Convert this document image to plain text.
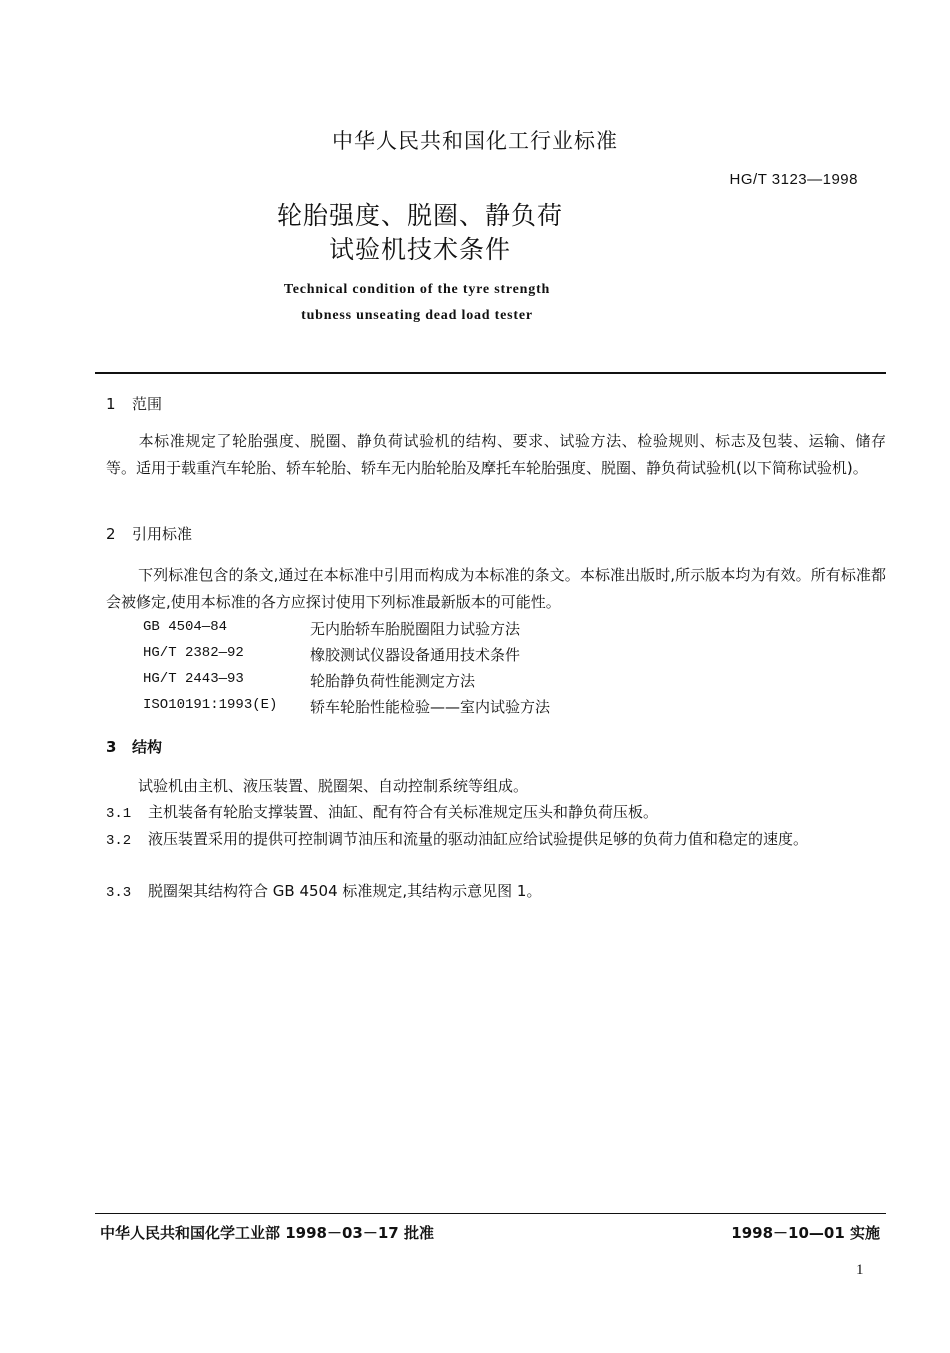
中华人民共和国化工行业标准
HG/T 3123—1998
轮胎强度、脱圈、静负荷
试验机技术条件
Technical condition of the tyre strength
tubness unseating dead load tester
1 范围
本标准规定了轮胎强度、脱圈、静负荷试验机的结构、要求、试验方法、检验规则、标志及包装、运输、储存等。适用于载重汽车轮胎、轿车轮胎、轿车无内胎轮胎及摩托车轮胎强度、脱圈、静负荷试验机(以下简称试验机)。
2 引用标准
下列标准包含的条文,通过在本标准中引用而构成为本标准的条文。本标准出版时,所示版本均为有效。所有标准都会被修定,使用本标准的各方应探讨使用下列标准最新版本的可能性。
GB 4504—84	无内胎轿车胎脱圈阻力试验方法
HG/T 2382—92	橡胶测试仪器设备通用技术条件
HG/T 2443—93	轮胎静负荷性能测定方法
ISO10191:1993(E) 轿车轮胎性能检验——室内试验方法
3 结构
试验机由主机、液压装置、脱圈架、自动控制系统等组成。
3.1 主机装备有轮胎支撑装置、油缸、配有符合有关标准规定压头和静负荷压板。
3.2 液压装置采用的提供可控制调节油压和流量的驱动油缸应给试验提供足够的负荷力值和稳定的速度。
3.3 脱圈架其结构符合 GB 4504 标准规定,其结构示意见图 1。
中华人民共和国化学工业部 1998－03－17 批准	1998－10—01 实施
1
